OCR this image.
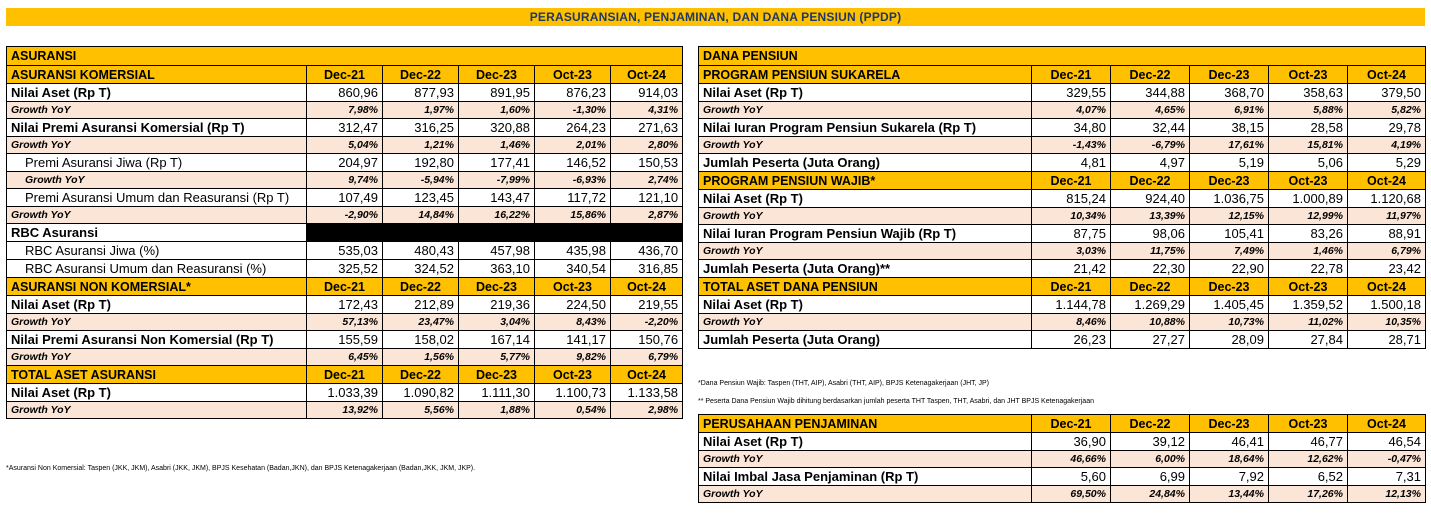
PERASURANSIAN, PENJAMINAN, DAN DANA PENSIUN (PPDP)
ASURANSI					
ASURANSI KOMERSIAL	Dec-21	Dec-22	Dec-23	Oct-23	Oct-24
Nilai Aset (Rp T)	860,96	877,93	891,95	876,23	914,03
Growth YoY	7,98%	1,97%	1,60%	-1,30%	4,31%
Nilai Premi Asuransi Komersial (Rp T)	312,47	316,25	320,88	264,23	271,63
Growth YoY	5,04%	1,21%	1,46%	2,01%	2,80%
Premi Asuransi Jiwa (Rp T)	204,97	192,80	177,41	146,52	150,53
Growth YoY	9,74%	-5,94%	-7,99%	-6,93%	2,74%
Premi Asuransi Umum dan Reasuransi (Rp T)	107,49	123,45	143,47	117,72	121,10
Growth YoY	-2,90%	14,84%	16,22%	15,86%	2,87%
RBC Asuransi					
RBC Asuransi Jiwa (%)	535,03	480,43	457,98	435,98	436,70
RBC Asuransi Umum dan Reasuransi (%)	325,52	324,52	363,10	340,54	316,85
ASURANSI NON KOMERSIAL*	Dec-21	Dec-22	Dec-23	Oct-23	Oct-24
Nilai Aset (Rp T)	172,43	212,89	219,36	224,50	219,55
Growth YoY	57,13%	23,47%	3,04%	8,43%	-2,20%
Nilai Premi Asuransi Non Komersial (Rp T)	155,59	158,02	167,14	141,17	150,76
Growth YoY	6,45%	1,56%	5,77%	9,82%	6,79%
TOTAL ASET ASURANSI	Dec-21	Dec-22	Dec-23	Oct-23	Oct-24
Nilai Aset (Rp T)	1.033,39	1.090,82	1.111,30	1.100,73	1.133,58
Growth YoY	13,92%	5,56%	1,88%	0,54%	2,98%
*Asuransi Non Komersial: Taspen (JKK, JKM), Asabri (JKK, JKM), BPJS Kesehatan (Badan,JKN), dan BPJS Ketenagakerjaan (Badan,JKK, JKM, JKP).
DANA PENSIUN					
PROGRAM PENSIUN SUKARELA	Dec-21	Dec-22	Dec-23	Oct-23	Oct-24
Nilai Aset (Rp T)	329,55	344,88	368,70	358,63	379,50
Growth YoY	4,07%	4,65%	6,91%	5,88%	5,82%
Nilai Iuran Program Pensiun Sukarela (Rp T)	34,80	32,44	38,15	28,58	29,78
Growth YoY	-1,43%	-6,79%	17,61%	15,81%	4,19%
Jumlah Peserta (Juta Orang)	4,81	4,97	5,19	5,06	5,29
PROGRAM PENSIUN WAJIB*	Dec-21	Dec-22	Dec-23	Oct-23	Oct-24
Nilai Aset (Rp T)	815,24	924,40	1.036,75	1.000,89	1.120,68
Growth YoY	10,34%	13,39%	12,15%	12,99%	11,97%
Nilai Iuran Program Pensiun Wajib (Rp T)	87,75	98,06	105,41	83,26	88,91
Growth YoY	3,03%	11,75%	7,49%	1,46%	6,79%
Jumlah Peserta (Juta Orang)**	21,42	22,30	22,90	22,78	23,42
TOTAL ASET DANA PENSIUN	Dec-21	Dec-22	Dec-23	Oct-23	Oct-24
Nilai Aset (Rp T)	1.144,78	1.269,29	1.405,45	1.359,52	1.500,18
Growth YoY	8,46%	10,88%	10,73%	11,02%	10,35%
Jumlah Peserta (Juta Orang)	26,23	27,27	28,09	27,84	28,71
*Dana Pensiun Wajib: Taspen (THT, AIP), Asabri (THT, AIP), BPJS Ketenagakerjaan (JHT, JP)
** Peserta Dana Pensiun Wajib dihitung berdasarkan jumlah peserta THT Taspen, THT, Asabri, dan JHT BPJS Ketenagakerjaan
PERUSAHAAN PENJAMINAN	Dec-21	Dec-22	Dec-23	Oct-23	Oct-24
Nilai Aset (Rp T)	36,90	39,12	46,41	46,77	46,54
Growth YoY	46,66%	6,00%	18,64%	12,62%	-0,47%
Nilai Imbal Jasa Penjaminan (Rp T)	5,60	6,99	7,92	6,52	7,31
Growth YoY	69,50%	24,84%	13,44%	17,26%	12,13%
